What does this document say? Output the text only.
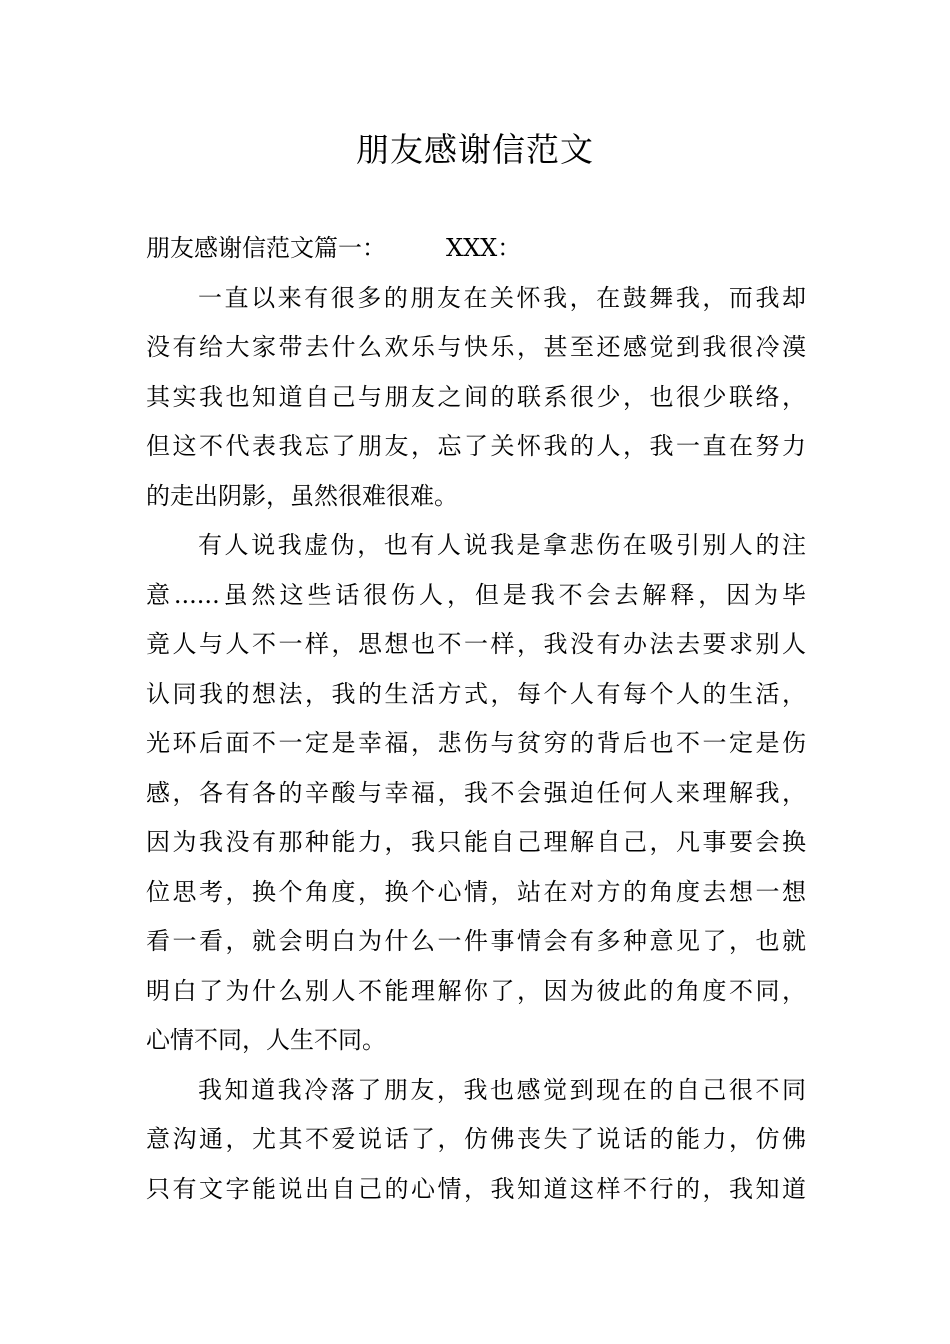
朋友感谢信范文
朋友感谢信范文篇一：	XXX：
一直以来有很多的朋友在关怀我，在鼓舞我，而我却
没有给大家带去什么欢乐与快乐，甚至还感觉到我很冷漠
其实我也知道自己与朋友之间的联系很少，也很少联络，
但这不代表我忘了朋友，忘了关怀我的人，我一直在努力
的走出阴影，虽然很难很难。
有人说我虚伪，也有人说我是拿悲伤在吸引别人的注
意......虽然这些话很伤人，但是我不会去解释，因为毕
竟人与人不一样，思想也不一样，我没有办法去要求别人
认同我的想法，我的生活方式，每个人有每个人的生活，
光环后面不一定是幸福，悲伤与贫穷的背后也不一定是伤
感，各有各的辛酸与幸福，我不会强迫任何人来理解我，
因为我没有那种能力，我只能自己理解自己，凡事要会换
位思考，换个角度，换个心情，站在对方的角度去想一想
看一看，就会明白为什么一件事情会有多种意见了，也就
明白了为什么别人不能理解你了，因为彼此的角度不同，
心情不同，人生不同。
我知道我冷落了朋友，我也感觉到现在的自己很不同
意沟通，尤其不爱说话了，仿佛丧失了说话的能力，仿佛
只有文字能说出自己的心情，我知道这样不行的，我知道
